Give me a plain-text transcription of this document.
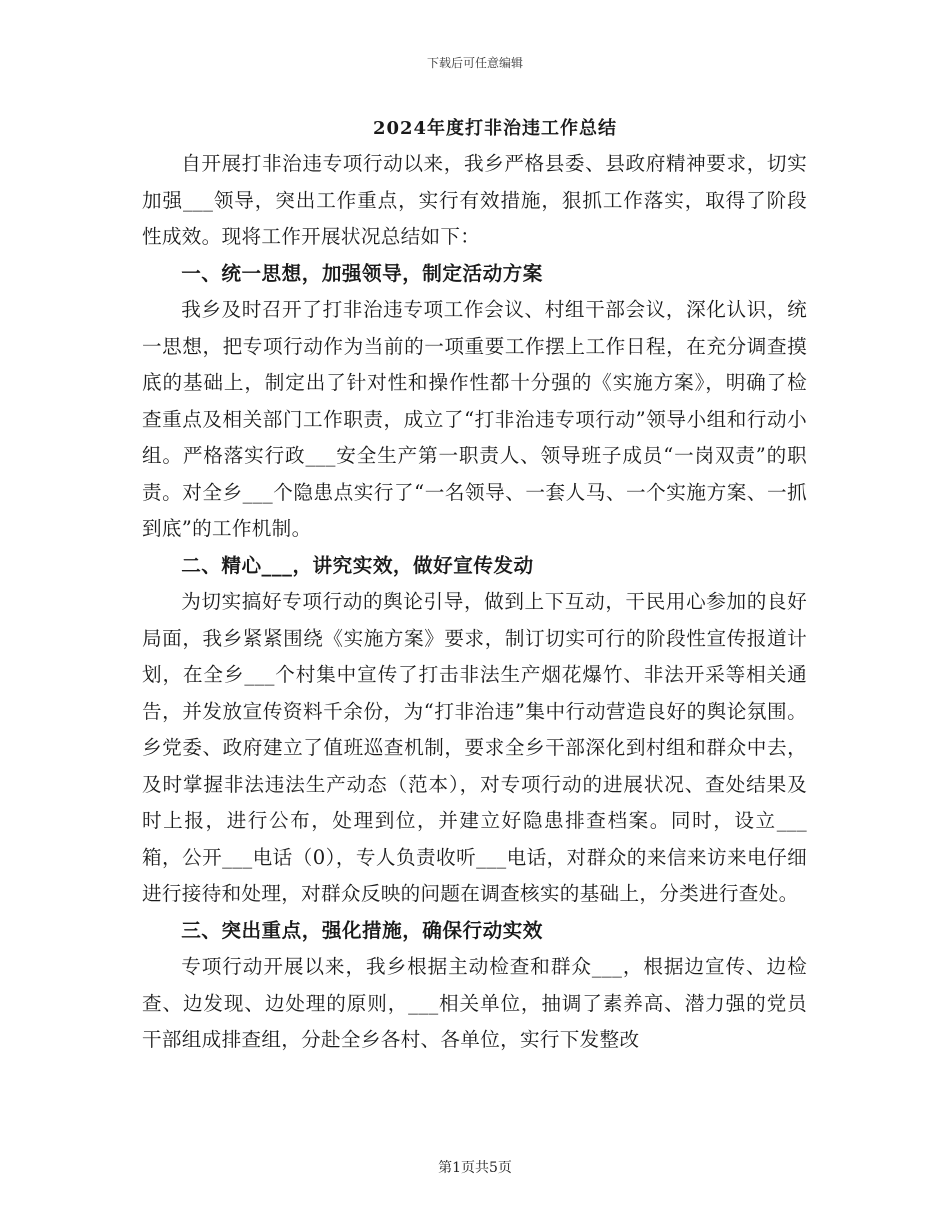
下载后可任意编辑
2024年度打非治违工作总结

自开展打非治违专项行动以来，我乡严格县委、县政府精神要求，切实加强___领导，突出工作重点，实行有效措施，狠抓工作落实，取得了阶段性成效。现将工作开展状况总结如下：

一、统一思想，加强领导，制定活动方案

我乡及时召开了打非治违专项工作会议、村组干部会议，深化认识，统一思想，把专项行动作为当前的一项重要工作摆上工作日程，在充分调查摸底的基础上，制定出了针对性和操作性都十分强的《实施方案》，明确了检查重点及相关部门工作职责，成立了“打非治违专项行动”领导小组和行动小组。严格落实行政___安全生产第一职责人、领导班子成员“一岗双责”的职责。对全乡___个隐患点实行了“一名领导、一套人马、一个实施方案、一抓到底”的工作机制。

二、精心___，讲究实效，做好宣传发动

为切实搞好专项行动的舆论引导，做到上下互动，干民用心参加的良好局面，我乡紧紧围绕《实施方案》要求，制订切实可行的阶段性宣传报道计划，在全乡___个村集中宣传了打击非法生产烟花爆竹、非法开采等相关通告，并发放宣传资料千余份，为“打非治违”集中行动营造良好的舆论氛围。乡党委、政府建立了值班巡查机制，要求全乡干部深化到村组和群众中去，及时掌握非法违法生产动态（范本），对专项行动的进展状况、查处结果及时上报，进行公布，处理到位，并建立好隐患排查档案。同时，设立___箱，公开___电话（0），专人负责收听___电话，对群众的来信来访来电仔细进行接待和处理，对群众反映的问题在调查核实的基础上，分类进行查处。

三、突出重点，强化措施，确保行动实效

专项行动开展以来，我乡根据主动检查和群众___，根据边宣传、边检查、边发现、边处理的原则，___相关单位，抽调了素养高、潜力强的党员干部组成排查组，分赴全乡各村、各单位，实行下发整改

第1页共5页
